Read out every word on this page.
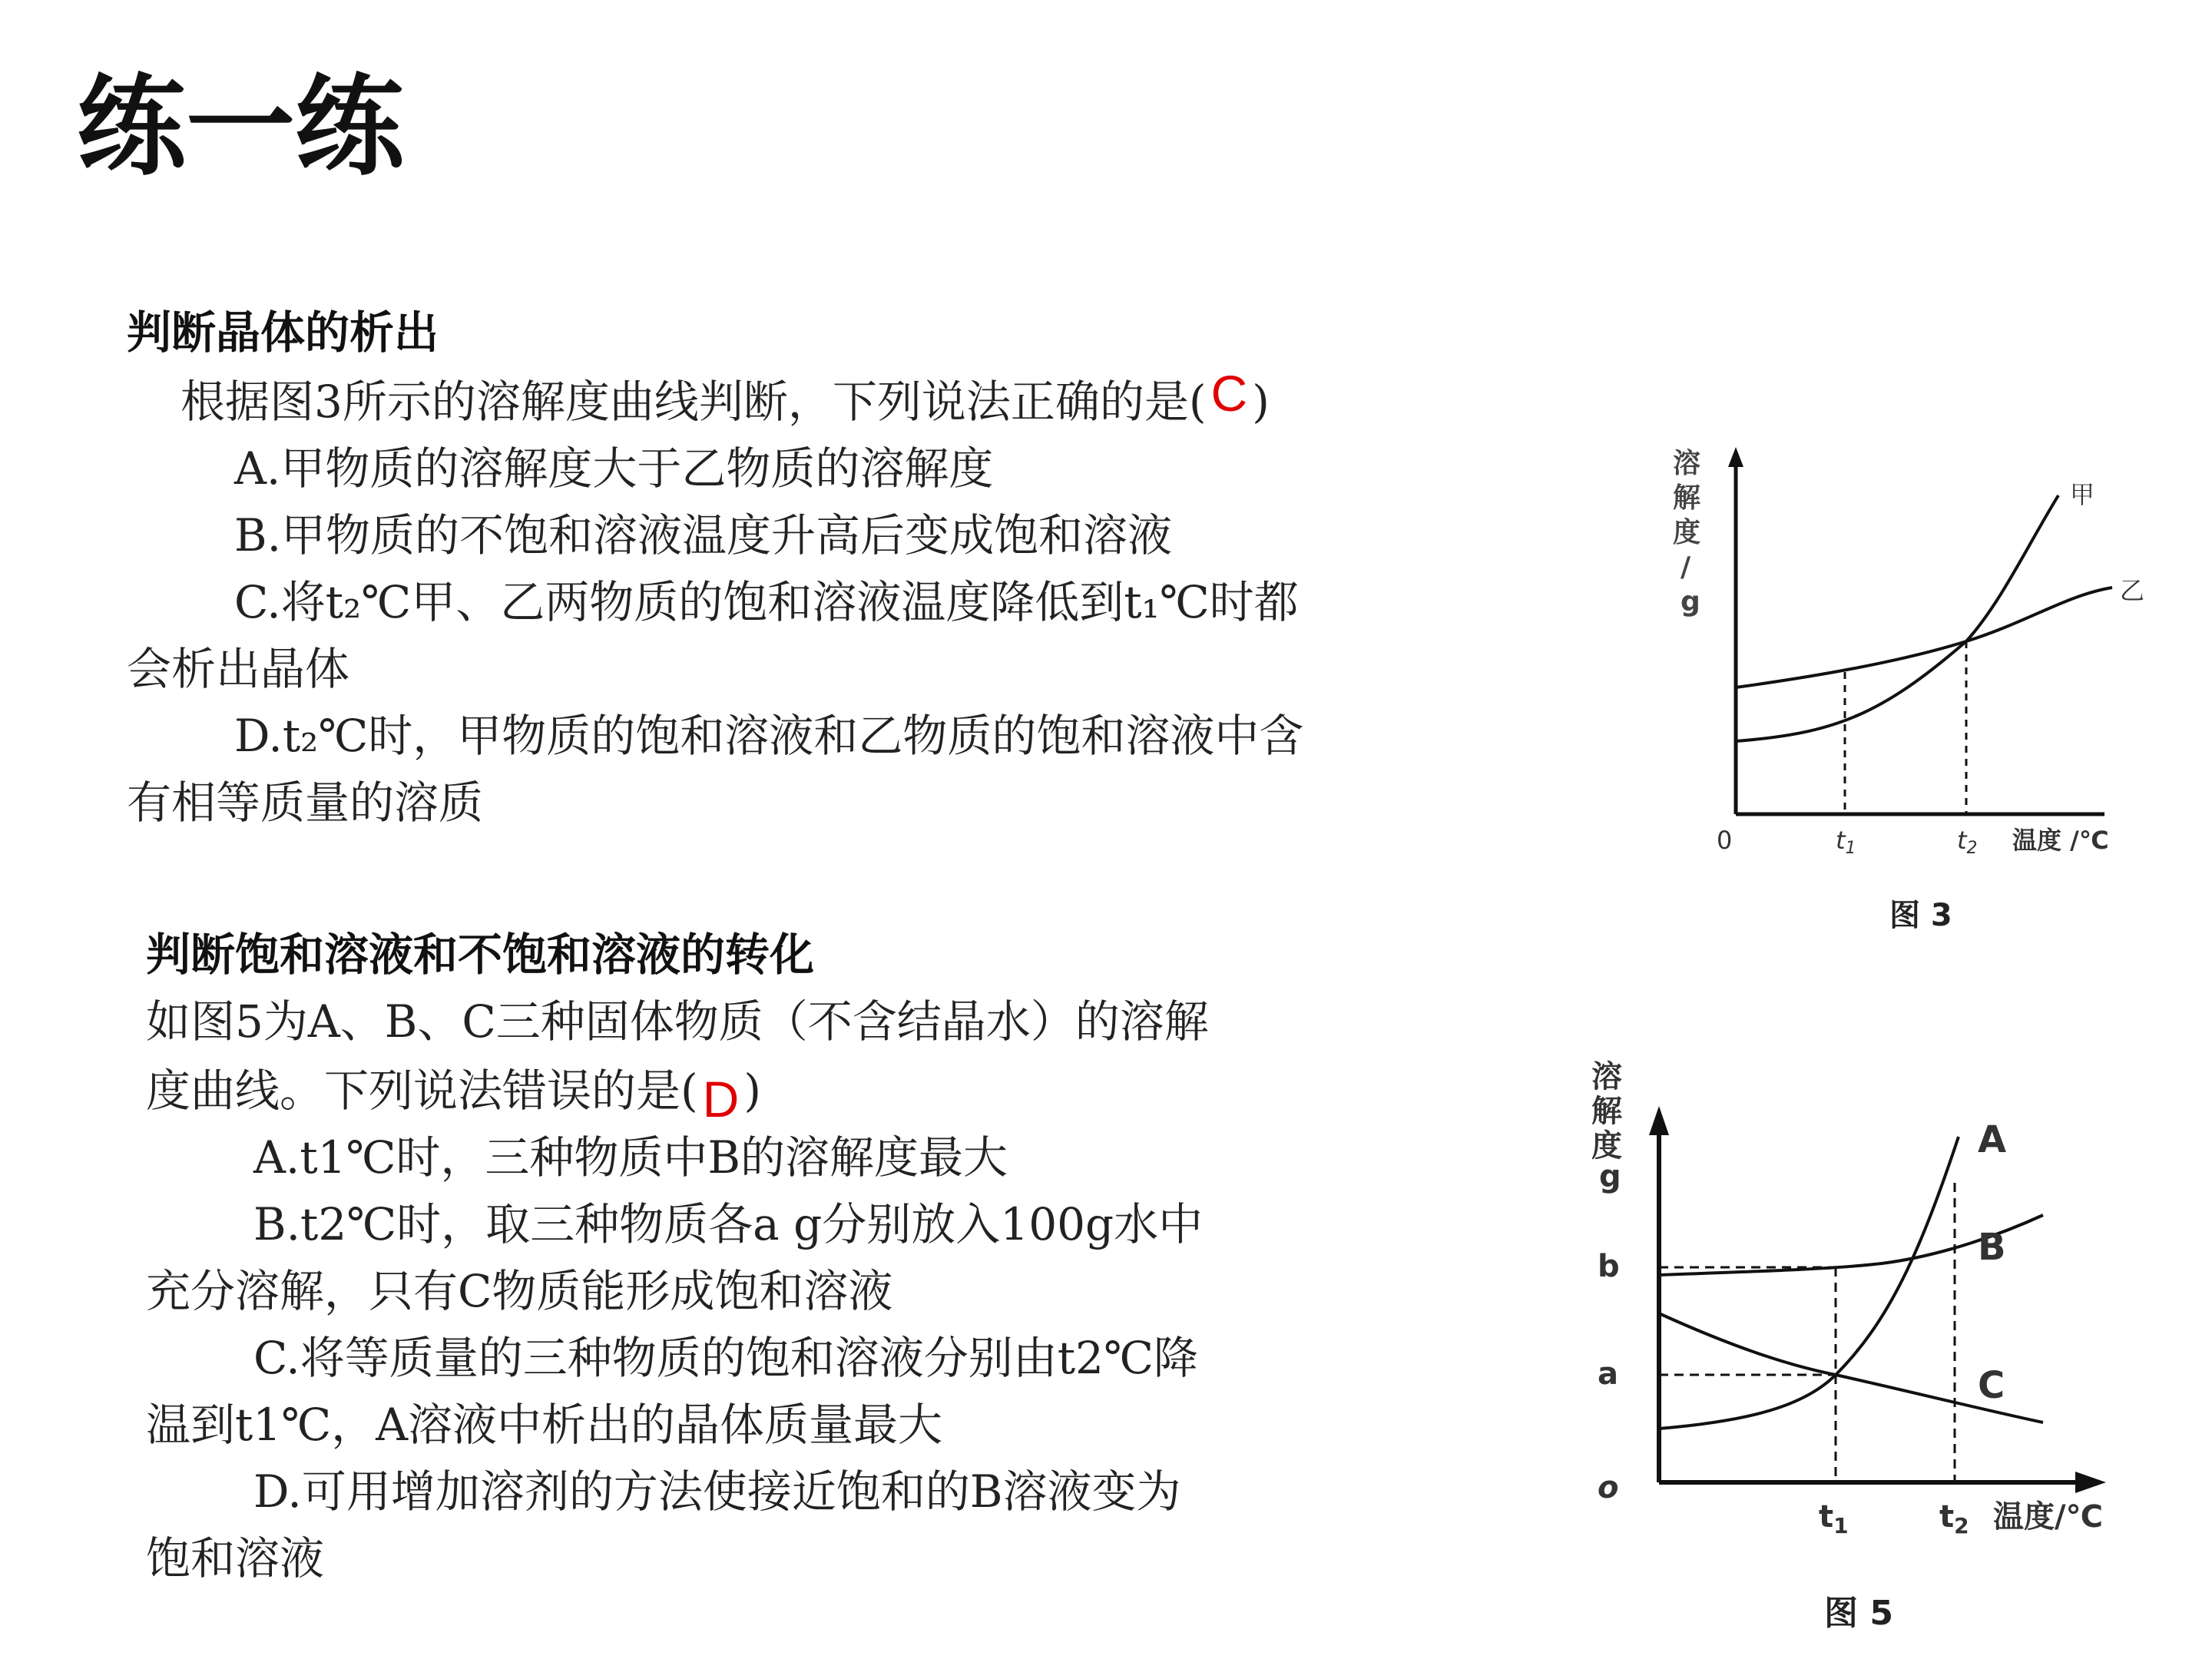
练一练
判断晶体的析出
根据图3所示的溶解度曲线判断，下列说法正确的是(C )
A.甲物质的溶解度大于乙物质的溶解度
B.甲物质的不饱和溶液温度升高后变成饱和溶液
C.将t₂℃甲、乙两物质的饱和溶液温度降低到t₁℃时都
会析出晶体
D.t₂℃时，甲物质的饱和溶液和乙物质的饱和溶液中含
有相等质量的溶质
判断饱和溶液和不饱和溶液的转化
如图5为A、B、C三种固体物质（不含结晶水）的溶解
度曲线。下列说法错误的是(D )
A.t1℃时，三种物质中B的溶解度最大
B.t2℃时，取三种物质各a g分别放入100g水中
充分溶解，只有C物质能形成饱和溶液
C.将等质量的三种物质的饱和溶液分别由t2℃降
温到t1℃，A溶液中析出的晶体质量最大
D.可用增加溶剂的方法使接近饱和的B溶液变为
饱和溶液
溶
解
度
/
g
甲
乙
0	t1	t2 温度 /℃
图 3
溶
解
度
g
A
B
C
b
a
o
$t_1$	$t_2$ 温度/℃
图 5
